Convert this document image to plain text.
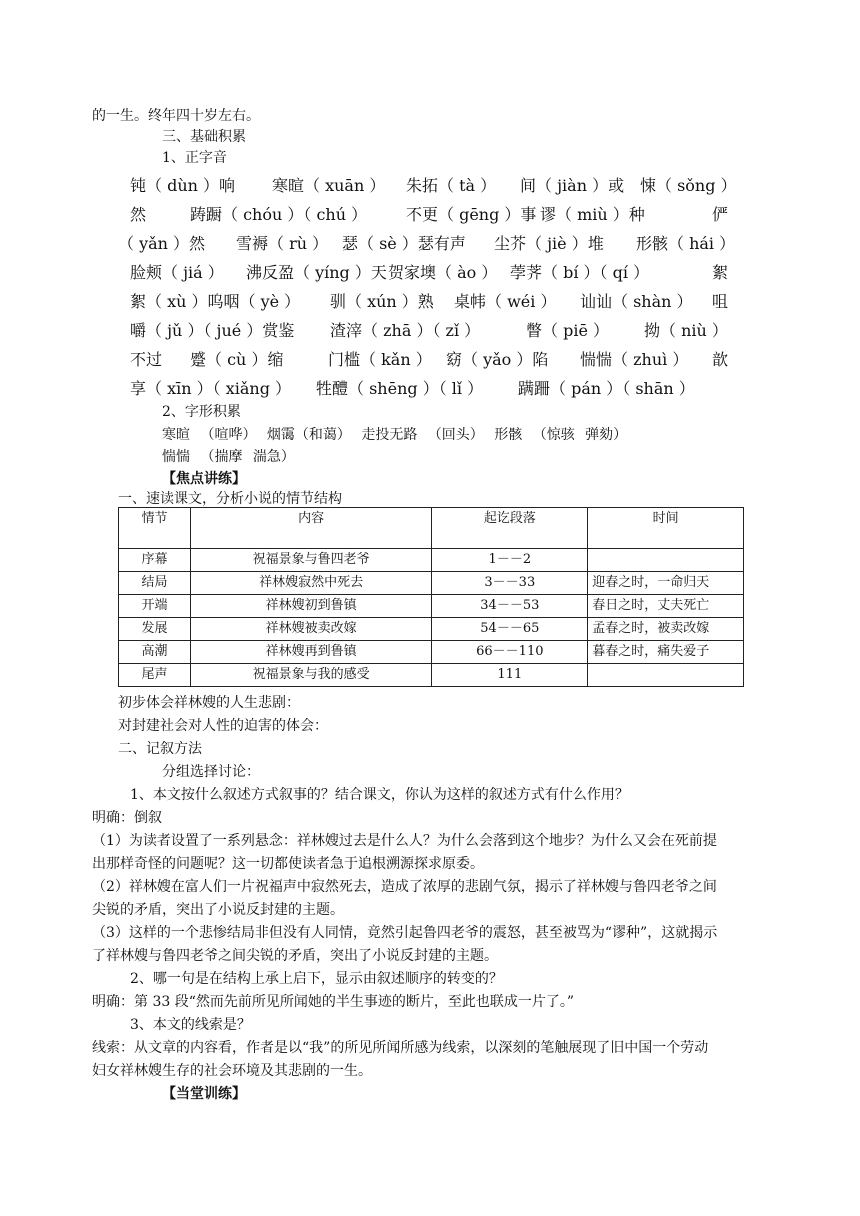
的一生。终年四十岁左右。
三、基础积累
1、正字音
钝（ dùn ）响 寒暄（ xuān ） 朱拓（ tà ） 间（ jiàn ）或 悚（ sǒng ）
然	踌蹰（ chóu ）（ chú ） 不更（ gēng ）事 谬（ miù ）种	俨
（ yǎn ）然 雪褥（ rù ） 瑟（ sè ）瑟有声 尘芥（ jiè ）堆 形骸（ hái ）
脸颊（ jiá ） 沸反盈（ yíng ）天 贺家墺（ ào ） 荸荠（ bí ）（ qí ）	絮
絮（ xù ）呜咽（ yè ） 驯（ xún ）熟 桌帏（ wéi ） 讪讪（ shàn ） 咀
嚼（ jǔ ）（ jué ）赏鉴 渣滓（ zhā ）（ zǐ ）	瞥（ piē ） 拗（ niù ）
不过 蹙（ cù ）缩	门槛（ kǎn ） 窈（ yǎo ）陷 惴惴（ zhuì ） 歆
享（ xīn ）（ xiǎng ） 牲醴（ shēng ）（ lǐ ） 蹒跚（ pán ）（ shān ）
2、字形积累
寒暄 （喧哗） 烟霭（和蔼） 走投无路 （回头） 形骸 （惊骇 弹劾）
惴惴 （揣摩 湍急）
【焦点讲练】
一、速读课文，分析小说的情节结构
情节	内容	起讫段落	时间
序幕	祝福景象与鲁四老爷	1－－2	
结局	祥林嫂寂然中死去	3－－33	迎春之时，一命归天
开端	祥林嫂初到鲁镇	34－－53	春日之时，丈夫死亡
发展	祥林嫂被卖改嫁	54－－65	孟春之时，被卖改嫁
高潮	祥林嫂再到鲁镇	66－－110	暮春之时，痛失爱子
尾声	祝福景象与我的感受	111	
初步体会祥林嫂的人生悲剧：
对封建社会对人性的迫害的体会：
二、记叙方法
分组选择讨论：
1、本文按什么叙述方式叙事的？结合课文，你认为这样的叙述方式有什么作用？
明确：倒叙
（1）为读者设置了一系列悬念：祥林嫂过去是什么人？为什么会落到这个地步？为什么又会在死前提
出那样奇怪的问题呢？这一切都使读者急于追根溯源探求原委。
（2）祥林嫂在富人们一片祝福声中寂然死去，造成了浓厚的悲剧气氛，揭示了祥林嫂与鲁四老爷之间
尖锐的矛盾，突出了小说反封建的主题。
（3）这样的一个悲惨结局非但没有人同情，竟然引起鲁四老爷的震怒，甚至被骂为“谬种”，这就揭示
了祥林嫂与鲁四老爷之间尖锐的矛盾，突出了小说反封建的主题。
2、哪一句是在结构上承上启下，显示由叙述顺序的转变的？
明确：第 33 段“然而先前所见所闻她的半生事迹的断片，至此也联成一片了。”
3、本文的线索是？
线索：从文章的内容看，作者是以“我”的所见所闻所感为线索，以深刻的笔触展现了旧中国一个劳动
妇女祥林嫂生存的社会环境及其悲剧的一生。
【当堂训练】
